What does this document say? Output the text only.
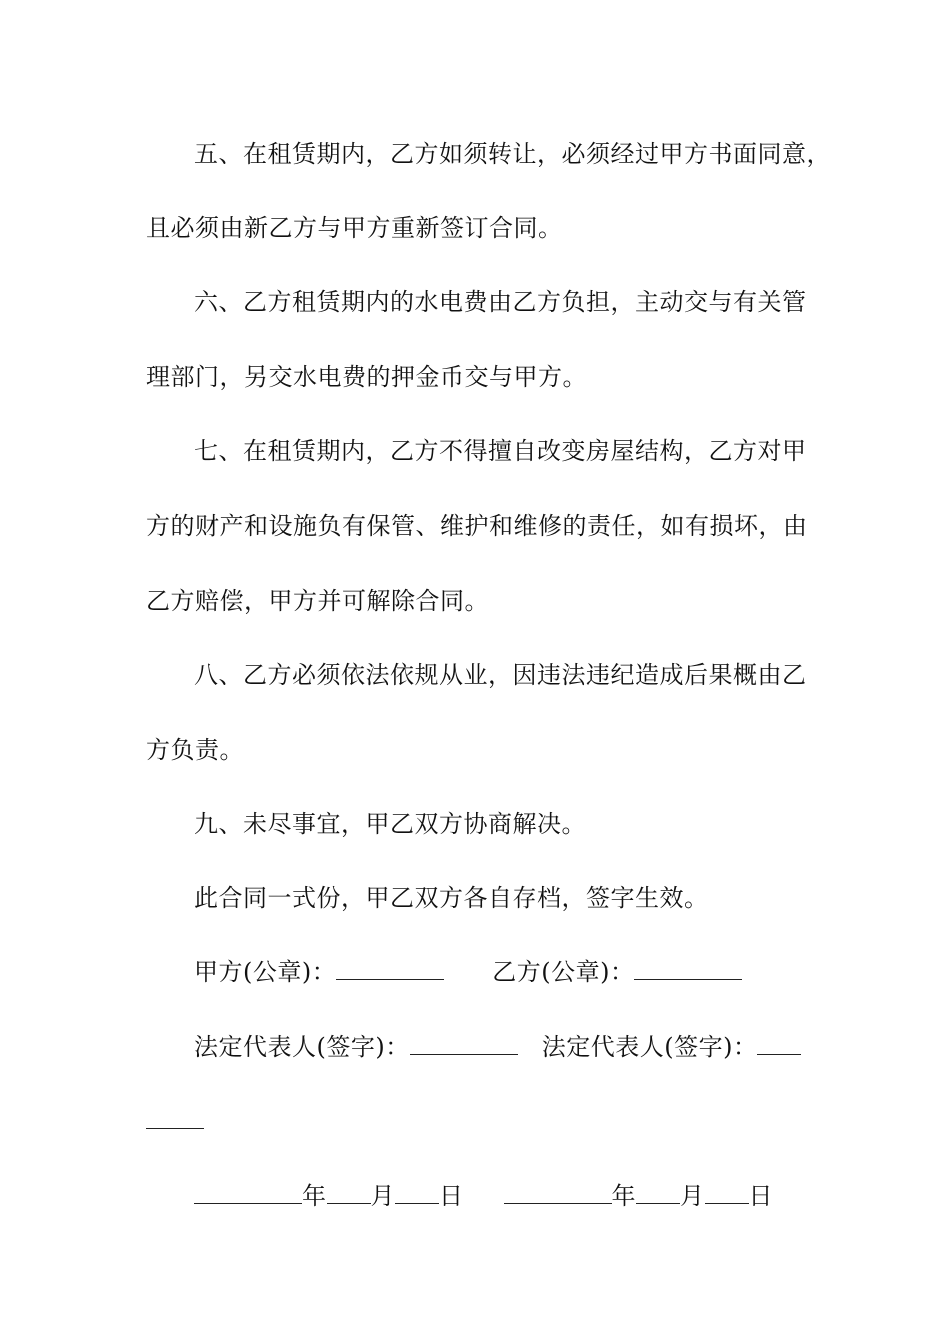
五、在租赁期内，乙方如须转让，必须经过甲方书面同意，
且必须由新乙方与甲方重新签订合同。
六、乙方租赁期内的水电费由乙方负担，主动交与有关管
理部门，另交水电费的押金币交与甲方。
七、在租赁期内，乙方不得擅自改变房屋结构，乙方对甲
方的财产和设施负有保管、维护和维修的责任，如有损坏，由
乙方赔偿，甲方并可解除合同。
八、乙方必须依法依规从业，因违法违纪造成后果概由乙
方负责。
九、未尽事宜，甲乙双方协商解决。
此合同一式份，甲乙双方各自存档，签字生效。
甲方(公章)：	乙方(公章)：
法定代表人(签字)：	法定代表人(签字)：
年 月 日	年 月 日
